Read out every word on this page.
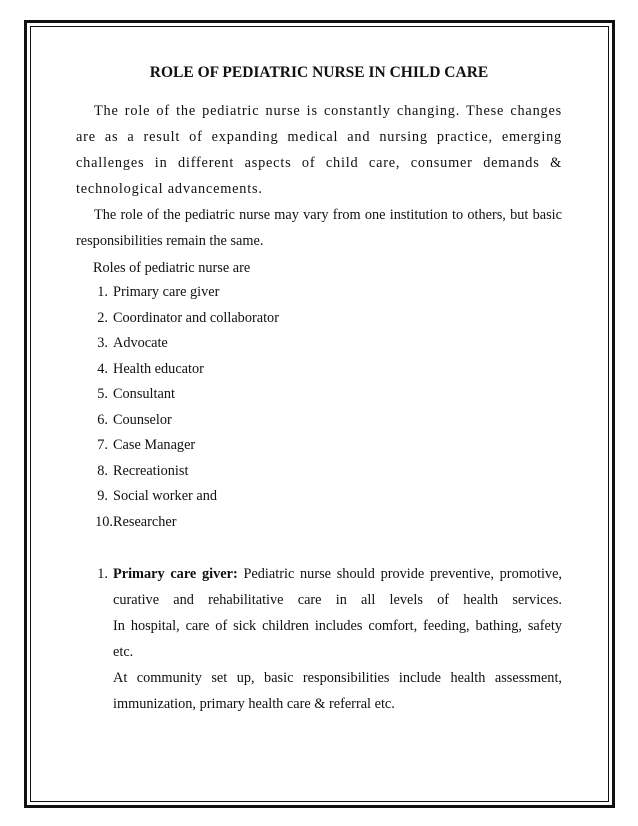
ROLE OF PEDIATRIC NURSE IN CHILD CARE

The role of the pediatric nurse is constantly changing. These changes are as a result of expanding medical and nursing practice, emerging challenges in different aspects of child care, consumer demands & technological advancements.

The role of the pediatric nurse may vary from one institution to others, but basic responsibilities remain the same.

Roles of pediatric nurse are
1. Primary care giver
2. Coordinator and collaborator
3. Advocate
4. Health educator
5. Consultant
6. Counselor
7. Case Manager
8. Recreationist
9. Social worker and
10. Researcher
1. Primary care giver: Pediatric nurse should provide preventive, promotive, curative and rehabilitative care in all levels of health services.

In hospital, care of sick children includes comfort, feeding, bathing, safety etc.

At community set up, basic responsibilities include health assessment, immunization, primary health care & referral etc.
